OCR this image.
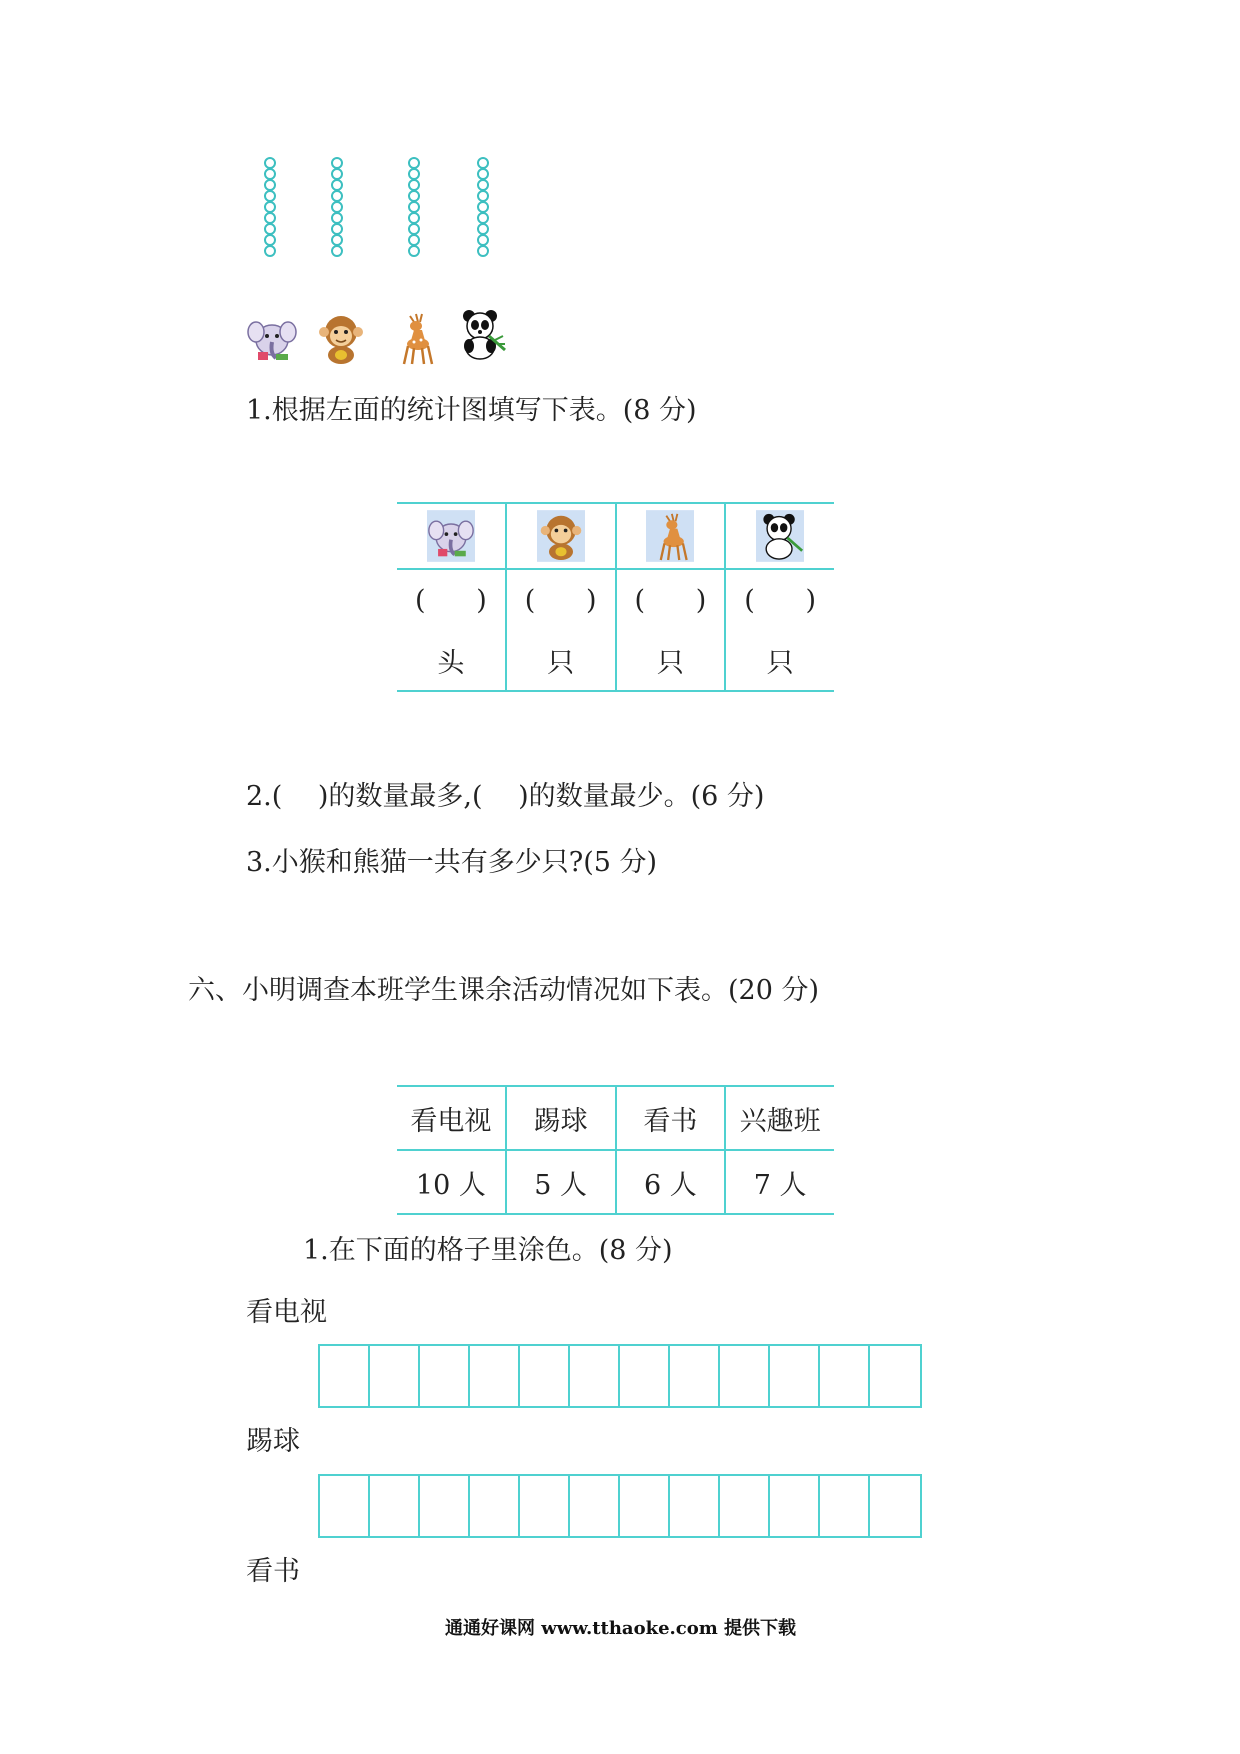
1.根据左面的统计图填写下表。(8 分)

( )	( )	( )	( )

头	只	只	只
2.(　 )的数量最多,(　 )的数量最少。(6 分)
3.小猴和熊猫一共有多少只?(5 分)
六、小明调查本班学生课余活动情况如下表。(20 分)
看电视	踢球	看书	兴趣班
10 人	5 人	6 人	7 人
1.在下面的格子里涂色。(8 分)
看电视
踢球
看书
通通好课网 www.tthaoke.com 提供下载
